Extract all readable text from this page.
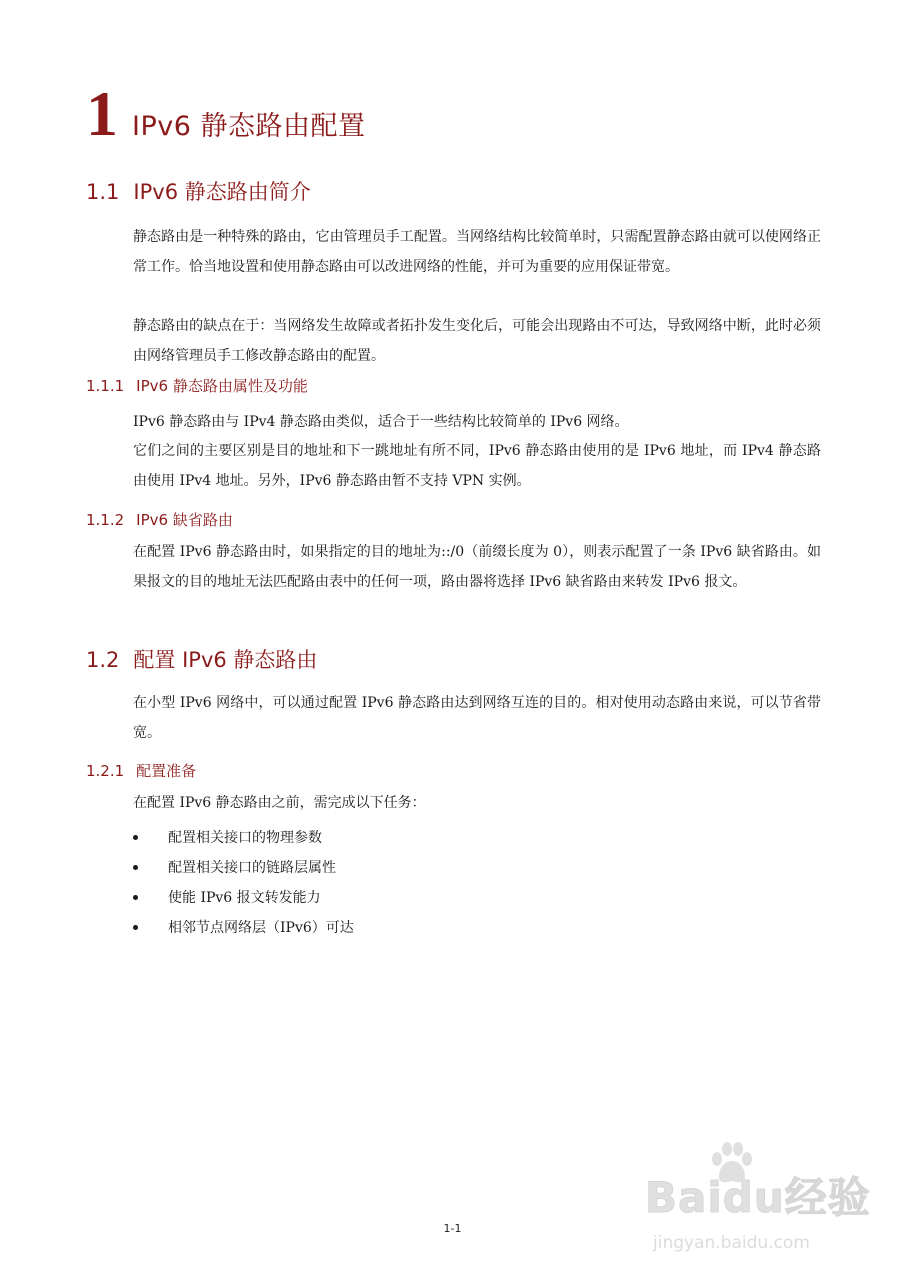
1 IPv6 静态路由配置
1.1 IPv6 静态路由简介

静态路由是一种特殊的路由，它由管理员手工配置。当网络结构比较简单时，只需配置静态路由就可以使网络正常工作。恰当地设置和使用静态路由可以改进网络的性能，并可为重要的应用保证带宽。

静态路由的缺点在于：当网络发生故障或者拓扑发生变化后，可能会出现路由不可达，导致网络中断，此时必须由网络管理员手工修改静态路由的配置。

1.1.1 IPv6 静态路由属性及功能

IPv6 静态路由与 IPv4 静态路由类似，适合于一些结构比较简单的 IPv6 网络。

它们之间的主要区别是目的地址和下一跳地址有所不同，IPv6 静态路由使用的是 IPv6 地址，而 IPv4 静态路由使用 IPv4 地址。另外，IPv6 静态路由暂不支持 VPN 实例。

1.1.2 IPv6 缺省路由

在配置 IPv6 静态路由时，如果指定的目的地址为::/0（前缀长度为 0），则表示配置了一条 IPv6 缺省路由。如果报文的目的地址无法匹配路由表中的任何一项，路由器将选择 IPv6 缺省路由来转发 IPv6 报文。

1.2 配置 IPv6 静态路由

在小型 IPv6 网络中，可以通过配置 IPv6 静态路由达到网络互连的目的。相对使用动态路由来说，可以节省带宽。

1.2.1 配置准备

在配置 IPv6 静态路由之前，需完成以下任务：

配置相关接口的物理参数
配置相关接口的链路层属性
使能 IPv6 报文转发能力
相邻节点网络层（IPv6）可达
1-1
Baidu经验
jingyan.baidu.com
